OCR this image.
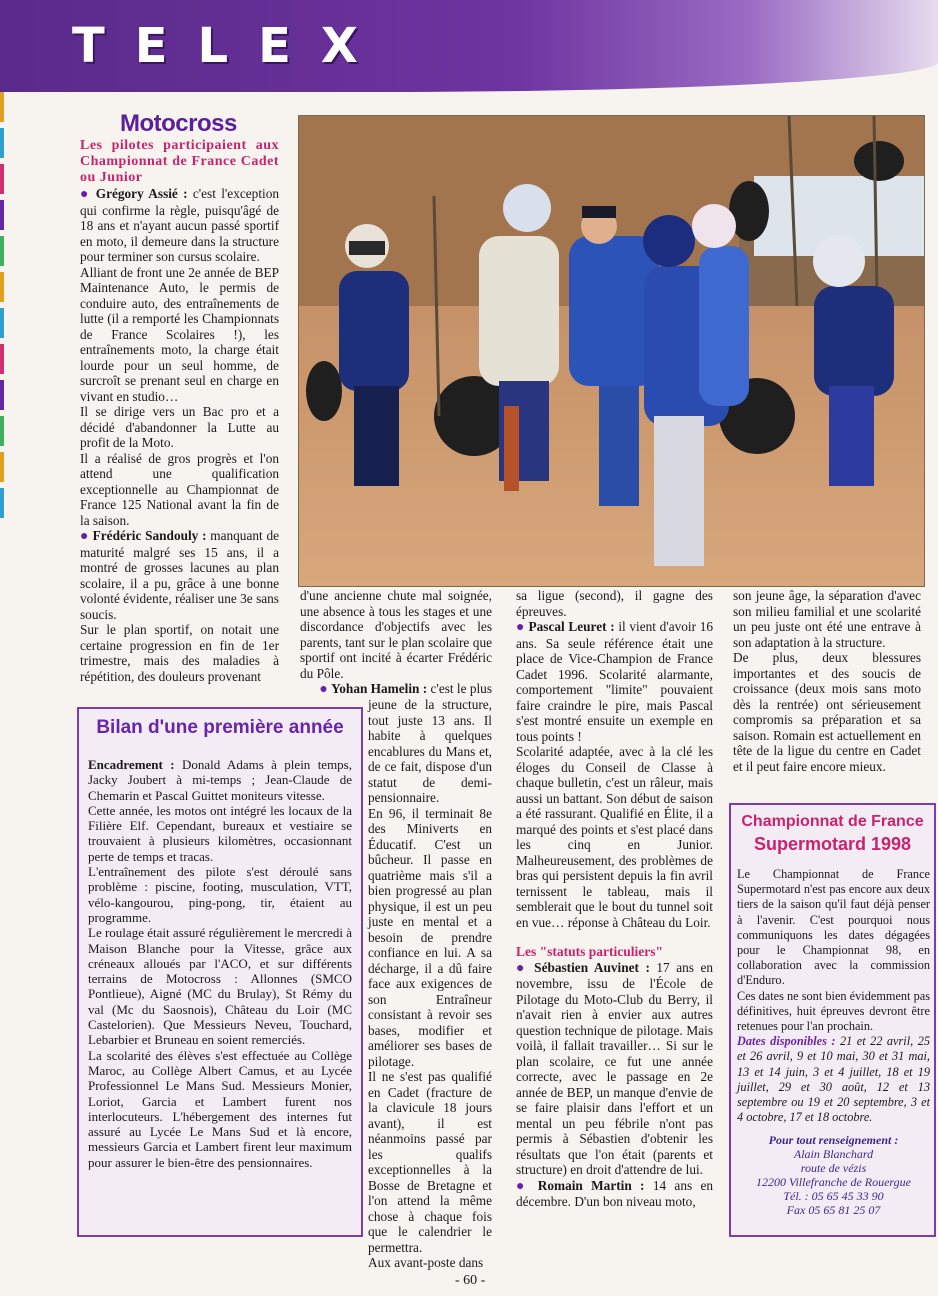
TELEX
Motocross

Les pilotes participaient aux Championnat de France Cadet ou Junior

● Grégory Assié : c'est l'exception qui confirme la règle, puisqu'âgé de 18 ans et n'ayant aucun passé sportif en moto, il demeure dans la structure pour terminer son cursus scolaire.

Alliant de front une 2e année de BEP Maintenance Auto, le permis de conduire auto, des entraînements de lutte (il a remporté les Championnats de France Scolaires !), les entraînements moto, la charge était lourde pour un seul homme, de surcroît se prenant seul en charge en vivant en studio…

Il se dirige vers un Bac pro et a décidé d'abandonner la Lutte au profit de la Moto.

Il a réalisé de gros progrès et l'on attend une qualification exceptionnelle au Championnat de France 125 National avant la fin de la saison.

● Frédéric Sandouly : manquant de maturité malgré ses 15 ans, il a montré de grosses lacunes au plan scolaire, il a pu, grâce à une bonne volonté évidente, réaliser une 3e sans soucis.

Sur le plan sportif, on notait une certaine progression en fin de 1er trimestre, mais des maladies à répétition, des douleurs provenant

d'une ancienne chute mal soignée, une absence à tous les stages et une discordance d'objectifs avec les parents, tant sur le plan scolaire que sportif ont incité à écarter Frédéric du Pôle.

● Yohan Hamelin : c'est le plus

jeune de la structure, tout juste 13 ans. Il habite à quelques encablures du Mans et, de ce fait, dispose d'un statut de demi-pensionnaire.

En 96, il terminait 8e des Miniverts en Éducatif. C'est un bûcheur. Il passe en quatrième mais s'il a bien progressé au plan physique, il est un peu juste en mental et a besoin de prendre confiance en lui. A sa décharge, il a dû faire face aux exigences de son Entraîneur consistant à revoir ses bases, modifier et améliorer ses bases de pilotage.

Il ne s'est pas qualifié en Cadet (fracture de la clavicule 18 jours avant), il est néanmoins passé par les qualifs exceptionnelles à la Bosse de Bretagne et l'on attend la même chose à chaque fois que le calendrier le permettra.

Aux avant-poste dans

sa ligue (second), il gagne des épreuves.

● Pascal Leuret : il vient d'avoir 16 ans. Sa seule référence était une place de Vice-Champion de France Cadet 1996. Scolarité alarmante, comportement "limite" pouvaient faire craindre le pire, mais Pascal s'est montré ensuite un exemple en tous points !

Scolarité adaptée, avec à la clé les éloges du Conseil de Classe à chaque bulletin, c'est un râleur, mais aussi un battant. Son début de saison a été rassurant. Qualifié en Élite, il a marqué des points et s'est placé dans les cinq en Junior. Malheureusement, des problèmes de bras qui persistent depuis la fin avril ternissent le tableau, mais il semblerait que le bout du tunnel soit en vue… réponse à Château du Loir.

Les "statuts particuliers"

● Sébastien Auvinet : 17 ans en novembre, issu de l'École de Pilotage du Moto-Club du Berry, il n'avait rien à envier aux autres question technique de pilotage. Mais voilà, il fallait travailler… Si sur le plan scolaire, ce fut une année correcte, avec le passage en 2e année de BEP, un manque d'envie de se faire plaisir dans l'effort et un mental un peu fébrile n'ont pas permis à Sébastien d'obtenir les résultats que l'on était (parents et structure) en droit d'attendre de lui.

● Romain Martin : 14 ans en décembre. D'un bon niveau moto,

son jeune âge, la séparation d'avec son milieu familial et une scolarité un peu juste ont été une entrave à son adaptation à la structure.

De plus, deux blessures importantes et des soucis de croissance (deux mois sans moto dès la rentrée) ont sérieusement compromis sa préparation et sa saison. Romain est actuellement en tête de la ligue du centre en Cadet et il peut faire encore mieux.

Bilan d'une première année

Encadrement : Donald Adams à plein temps, Jacky Joubert à mi-temps ; Jean-Claude de Chemarin et Pascal Guittet moniteurs vitesse.

Cette année, les motos ont intégré les locaux de la Filière Elf. Cependant, bureaux et vestiaire se trouvaient à plusieurs kilomètres, occasionnant perte de temps et tracas.

L'entraînement des pilote s'est déroulé sans problème : piscine, footing, musculation, VTT, vélo-kangourou, ping-pong, tir, étaient au programme.

Le roulage était assuré régulièrement le mercredi à Maison Blanche pour la Vitesse, grâce aux créneaux alloués par l'ACO, et sur différents terrains de Motocross : Allonnes (SMCO Pontlieue), Aigné (MC du Brulay), St Rémy du val (Mc du Saosnois), Château du Loir (MC Castelorien). Que Messieurs Neveu, Touchard, Lebarbier et Bruneau en soient remerciés.

La scolarité des élèves s'est effectuée au Collège Maroc, au Collège Albert Camus, et au Lycée Professionnel Le Mans Sud. Messieurs Monier, Loriot, Garcia et Lambert furent nos interlocuteurs. L'hébergement des internes fut assuré au Lycée Le Mans Sud et là encore, messieurs Garcia et Lambert firent leur maximum pour assurer le bien-être des pensionnaires.

Championnat de France
Supermotard 1998

Le Championnat de France Supermotard n'est pas encore aux deux tiers de la saison qu'il faut déjà penser à l'avenir. C'est pourquoi nous communiquons les dates dégagées pour le Championnat 98, en collaboration avec la commission d'Enduro.

Ces dates ne sont bien évidemment pas définitives, huit épreuves devront être retenues pour l'an prochain.

Dates disponibles : 21 et 22 avril, 25 et 26 avril, 9 et 10 mai, 30 et 31 mai, 13 et 14 juin, 3 et 4 juillet, 18 et 19 juillet, 29 et 30 août, 12 et 13 septembre ou 19 et 20 septembre, 3 et 4 octobre, 17 et 18 octobre.

Pour tout renseignement :
Alain Blanchard
route de vézis
12200 Villefranche de Rouergue
Tél. : 05 65 45 33 90
Fax 05 65 81 25 07
- 60 -
